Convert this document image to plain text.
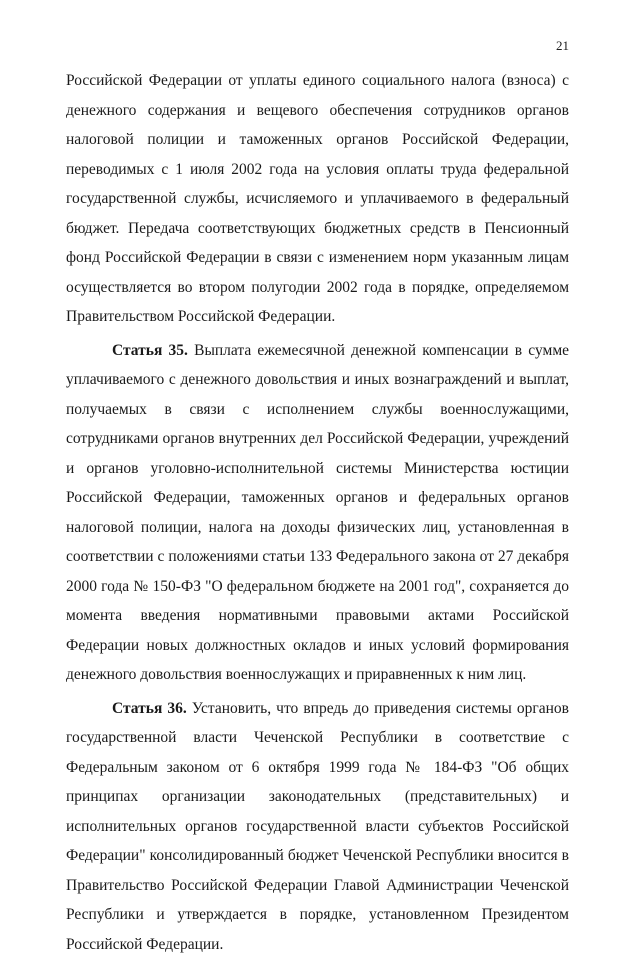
21

Российской Федерации от уплаты единого социального налога (взноса) с денежного содержания и вещевого обеспечения сотрудников органов налоговой полиции и таможенных органов Российской Федерации, переводимых с 1 июля 2002 года на условия оплаты труда федеральной государственной службы, исчисляемого и уплачиваемого в федеральный бюджет. Передача соответствующих бюджетных средств в Пенсионный фонд Российской Федерации в связи с изменением норм указанным лицам осуществляется во втором полугодии 2002 года в порядке, определяемом Правительством Российской Федерации.

Статья 35. Выплата ежемесячной денежной компенсации в сумме уплачиваемого с денежного довольствия и иных вознаграждений и выплат, получаемых в связи с исполнением службы военнослужащими, сотрудниками органов внутренних дел Российской Федерации, учреждений и органов уголовно-исполнительной системы Министерства юстиции Российской Федерации, таможенных органов и федеральных органов налоговой полиции, налога на доходы физических лиц, установленная в соответствии с положениями статьи 133 Федерального закона от 27 декабря 2000 года № 150-ФЗ "О федеральном бюджете на 2001 год", сохраняется до момента введения нормативными правовыми актами Российской Федерации новых должностных окладов и иных условий формирования денежного довольствия военнослужащих и приравненных к ним лиц.

Статья 36. Установить, что впредь до приведения системы органов государственной власти Чеченской Республики в соответствие с Федеральным законом от 6 октября 1999 года № 184-ФЗ "Об общих принципах организации законодательных (представительных) и исполнительных органов государственной власти субъектов Российской Федерации" консолидированный бюджет Чеченской Республики вносится в Правительство Российской Федерации Главой Администрации Чеченской Республики и утверждается в порядке, установленном Президентом Российской Федерации.
